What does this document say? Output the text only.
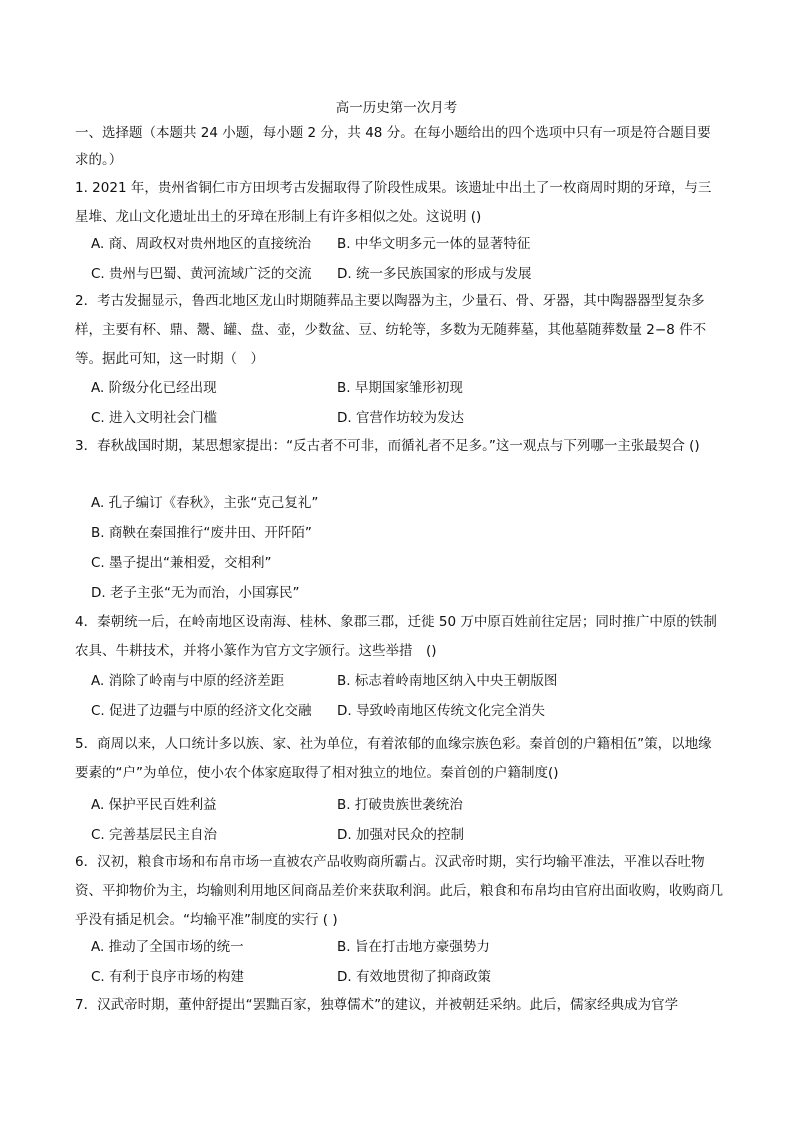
高一历史第一次月考
一、选择题（本题共 24 小题，每小题 2 分，共 48 分。在每小题给出的四个选项中只有一项是符合题目要求的。）
1. 2021 年，贵州省铜仁市方田坝考古发掘取得了阶段性成果。该遗址中出土了一枚商周时期的牙璋，与三星堆、龙山文化遗址出土的牙璋在形制上有许多相似之处。这说明 ()
A. 商、周政权对贵州地区的直接统治	B. 中华文明多元一体的显著特征
C. 贵州与巴蜀、黄河流域广泛的交流	D. 统一多民族国家的形成与发展
2．考古发掘显示，鲁西北地区龙山时期随葬品主要以陶器为主，少量石、骨、牙器，其中陶器器型复杂多样，主要有杯、鼎、鬶、罐、盘、壶，少数盆、豆、纺轮等，多数为无随葬墓，其他墓随葬数量 2−8 件不等。据此可知，这一时期（　）
A. 阶级分化已经出现	B. 早期国家雏形初现
C. 进入文明社会门槛	D. 官营作坊较为发达
3．春秋战国时期，某思想家提出：“反古者不可非，而循礼者不足多。”这一观点与下列哪一主张最契合 ()
A. 孔子编订《春秋》，主张“克己复礼”
B. 商鞅在秦国推行“废井田、开阡陌”
C. 墨子提出“兼相爱，交相利”
D. 老子主张“无为而治，小国寡民”
4．秦朝统一后，在岭南地区设南海、桂林、象郡三郡，迁徙 50 万中原百姓前往定居；同时推广中原的铁制农具、牛耕技术，并将小篆作为官方文字颁行。这些举措　()
A. 消除了岭南与中原的经济差距	B. 标志着岭南地区纳入中央王朝版图
C. 促进了边疆与中原的经济文化交融	D. 导致岭南地区传统文化完全消失
5．商周以来，人口统计多以族、家、社为单位，有着浓郁的血缘宗族色彩。秦首创的户籍相伍”策，以地缘要素的“户”为单位，使小农个体家庭取得了相对独立的地位。秦首创的户籍制度()
A. 保护平民百姓利益	B. 打破贵族世袭统治
C. 完善基层民主自治	D. 加强对民众的控制
6．汉初，粮食市场和布帛市场一直被农产品收购商所霸占。汉武帝时期，实行均输平准法，平准以吞吐物资、平抑物价为主，均输则利用地区间商品差价来获取利润。此后，粮食和布帛均由官府出面收购，收购商几乎没有插足机会。“均输平准”制度的实行 ( )
A. 推动了全国市场的统一	B. 旨在打击地方豪强势力
C. 有利于良序市场的构建	D. 有效地贯彻了抑商政策
7．汉武帝时期，董仲舒提出“罢黜百家，独尊儒术”的建议，并被朝廷采纳。此后，儒家经典成为官学
